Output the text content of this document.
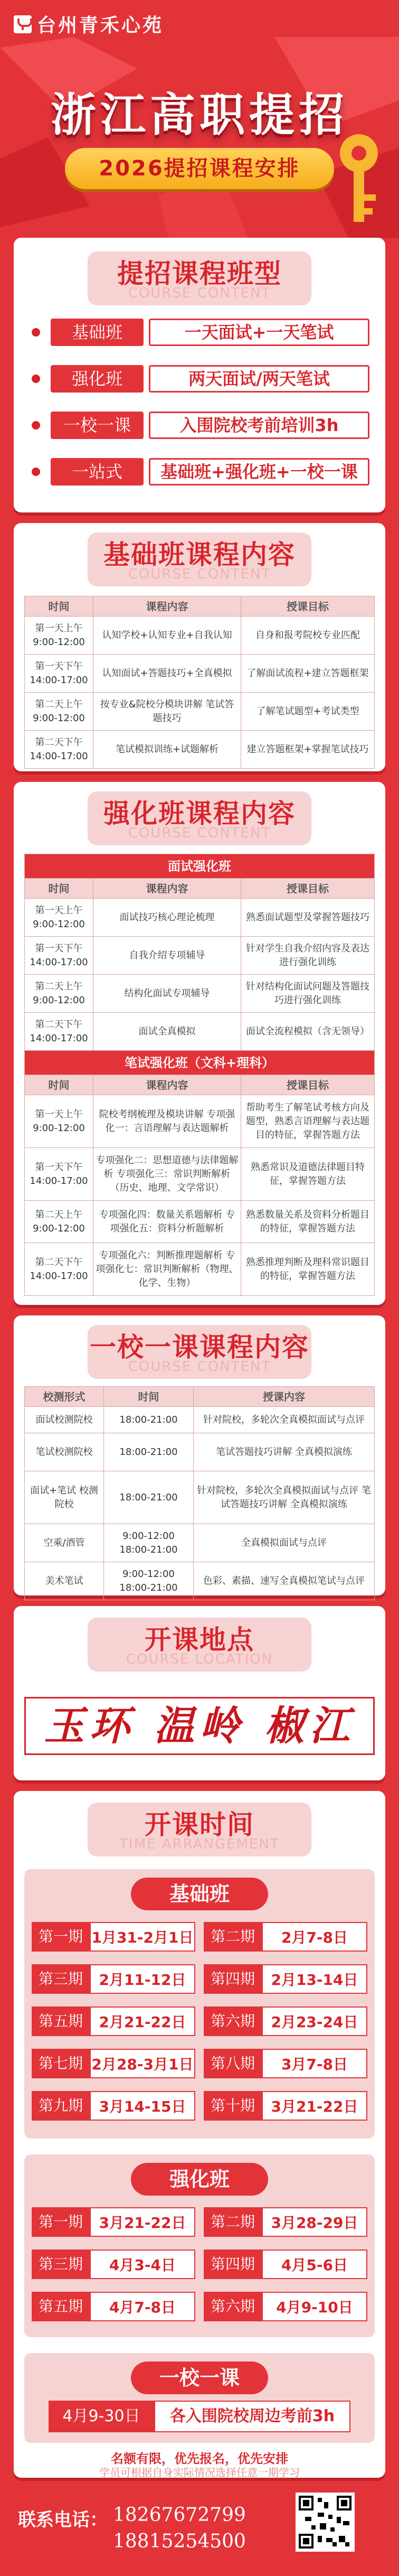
台州青禾心苑
浙江高职提招
2026提招课程安排
提招课程班型
COURSE CONTENT
基础班	一天面试+一天笔试
强化班	两天面试/两天笔试
一校一课	入围院校考前培训3h
一站式	基础班+强化班+一校一课
基础班课程内容
COURSE CONTENT
时间	课程内容	授课目标
第一天上午 9:00-12:00	认知学校+认知专业+自我认知	自身和报考院校专业匹配
第一天下午 14:00-17:00	认知面试+答题技巧+全真模拟	了解面试流程+建立答题框架
第二天上午 9:00-12:00	按专业&院校分模块讲解 笔试答题技巧	了解笔试题型+考试类型
第二天下午 14:00-17:00	笔试模拟训练+试题解析	建立答题框架+掌握笔试技巧
强化班课程内容
COURSE CONTENT
面试强化班		
时间	课程内容	授课目标
第一天上午 9:00-12:00	面试技巧核心理论梳理	熟悉面试题型及掌握答题技巧
第一天下午 14:00-17:00	自我介绍专项辅导	针对学生自我介绍内容及表达进行强化训练
第二天上午 9:00-12:00	结构化面试专项辅导	针对结构化面试问题及答题技巧进行强化训练
第二天下午 14:00-17:00	面试全真模拟	面试全流程模拟（含无领导）
笔试强化班（文科+理科）		
时间	课程内容	授课目标
第一天上午 9:00-12:00	院校考纲梳理及模块讲解 专项强化一：言语理解与表达题解析	帮助考生了解笔试考核方向及题型，熟悉言语理解与表达题目的特征，掌握答题方法
第一天下午 14:00-17:00	专项强化二：思想道德与法律题解析 专项强化三：常识判断解析（历史、地理、文学常识）	熟悉常识及道德法律题目特征，掌握答题方法
第二天上午 9:00-12:00	专项强化四：数量关系题解析 专项强化五：资料分析题解析	熟悉数量关系及资料分析题目的特征，掌握答题方法
第二天下午 14:00-17:00	专项强化六：判断推理题解析 专项强化七：常识判断解析（物理、化学、生物）	熟悉推理判断及理科常识题目的特征，掌握答题方法
一校一课课程内容
COURSE CONTENT
校测形式	时间	授课内容
面试校测院校	18:00-21:00	针对院校，多轮次全真模拟面试与点评
笔试校测院校	18:00-21:00	笔试答题技巧讲解 全真模拟演练
面试+笔试 校测院校	18:00-21:00	针对院校，多轮次全真模拟面试与点评 笔试答题技巧讲解 全真模拟演练
空乘/酒管	9:00-12:00 18:00-21:00	全真模拟面试与点评
美术笔试	9:00-12:00 18:00-21:00	色彩、素描、速写全真模拟笔试与点评
开课地点
COURSE LOCATION
玉环 温岭 椒江
开课时间
TIME ARRANGEMENT
基础班
第一期 1月31-2月1日	第二期	2月7-8日
第三期	2月11-12日	第四期	2月13-14日
第五期	2月21-22日	第六期	2月23-24日
第七期 2月28-3月1日	第八期	3月7-8日
第九期	3月14-15日	第十期	3月21-22日
强化班
第一期	3月21-22日	第二期	3月28-29日
第三期	4月3-4日	第四期	4月5-6日
第五期	4月7-8日	第六期	4月9-10日
一校一课
4月9-30日	各入围院校周边考前3h
名额有限，优先报名，优先安排
学员可根据自身实际情况选择任意一期学习
联系电话： 18267672799
18815254500
